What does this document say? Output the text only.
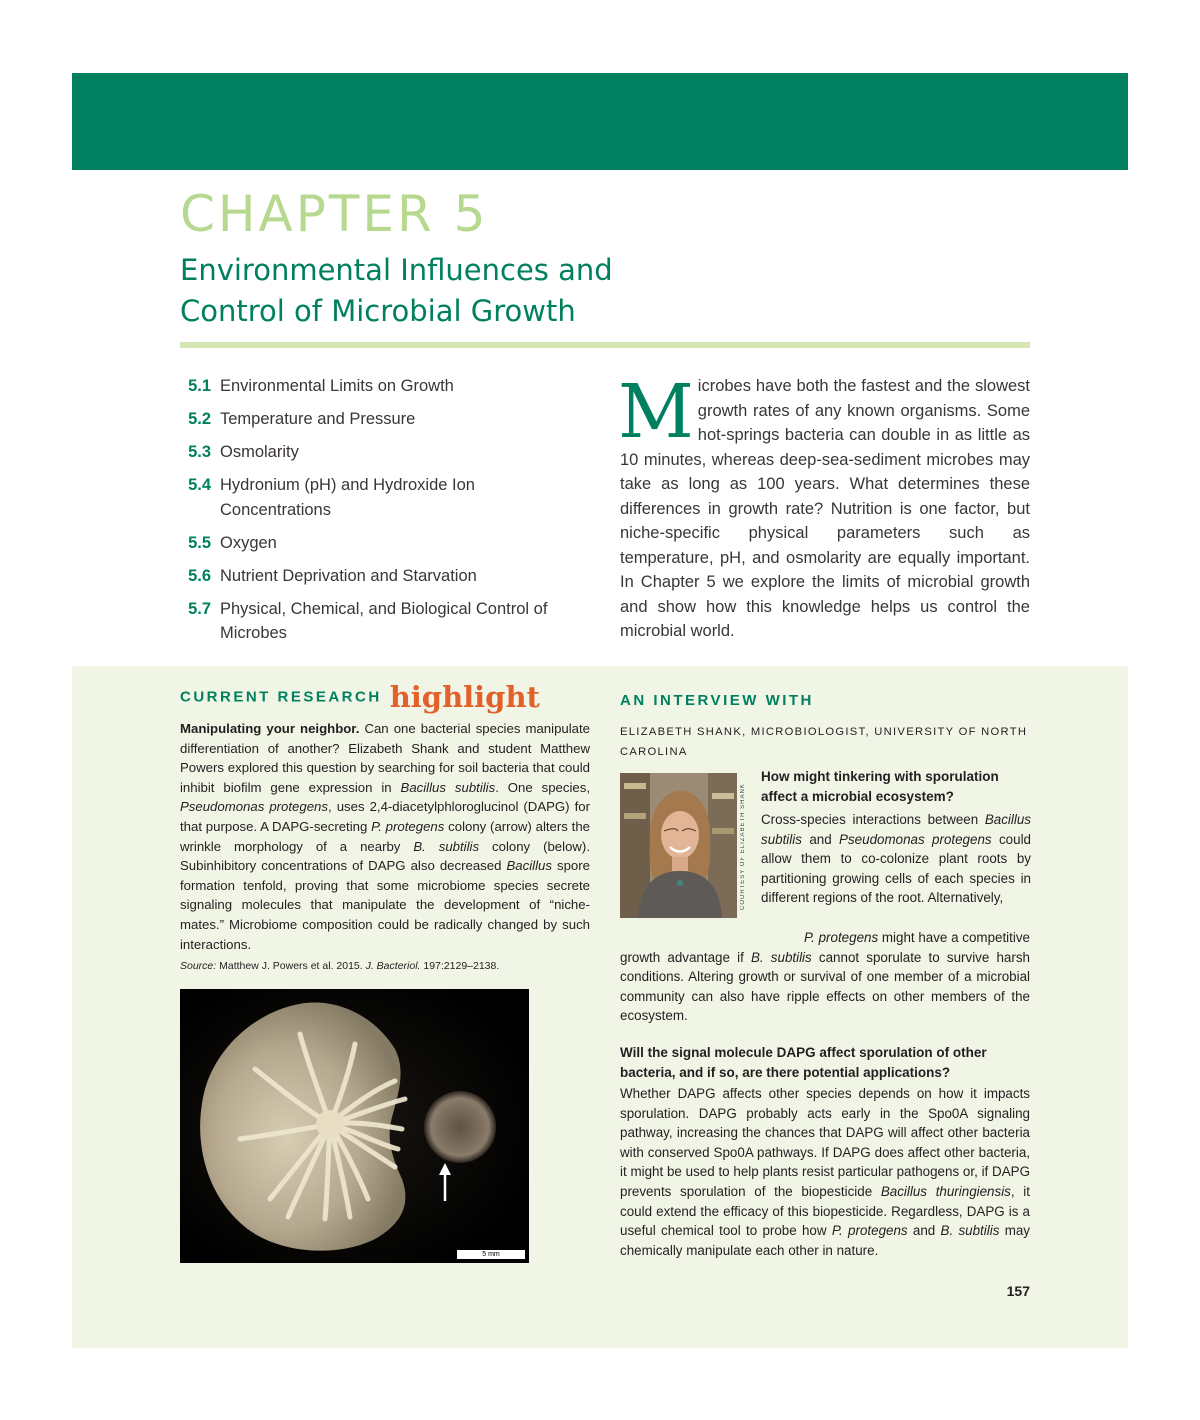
CHAPTER 5
Environmental Influences and
Control of Microbial Growth
5.1 Environmental Limits on Growth
5.2 Temperature and Pressure
5.3 Osmolarity
5.4 Hydronium (pH) and Hydroxide Ion Concentrations
5.5 Oxygen
5.6 Nutrient Deprivation and Starvation
5.7 Physical, Chemical, and Biological Control of Microbes
Microbes have both the fastest and the slowest growth rates of any known organisms. Some hot-springs bacteria can double in as little as 10 minutes, whereas deep-sea-sediment microbes may take as long as 100 years. What determines these differences in growth rate? Nutrition is one factor, but niche-specific physical parameters such as temperature, pH, and osmolarity are equally important. In Chapter 5 we explore the limits of microbial growth and show how this knowledge helps us control the microbial world.
CURRENT RESEARCH highlight

Manipulating your neighbor. Can one bacterial species manipulate differentiation of another? Elizabeth Shank and student Matthew Powers explored this question by searching for soil bacteria that could inhibit biofilm gene expression in Bacillus subtilis. One species, Pseudomonas protegens, uses 2,4-diacetylphloroglucinol (DAPG) for that purpose. A DAPG-secreting P. protegens colony (arrow) alters the wrinkle morphology of a nearby B. subtilis colony (below). Subinhibitory concentrations of DAPG also decreased Bacillus spore formation tenfold, proving that some microbiome species secrete signaling molecules that manipulate the development of “niche-mates.” Microbiome composition could be radically changed by such interactions.

Source: Matthew J. Powers et al. 2015. J. Bacteriol. 197:2129–2138.
5 mm
AN INTERVIEW WITH
ELIZABETH SHANK, MICROBIOLOGIST, UNIVERSITY OF NORTH CAROLINA
COURTESY OF ELIZABETH SHANK
How might tinkering with sporulation affect a microbial ecosystem?

Cross-species interactions between Bacillus subtilis and Pseudomonas protegens could allow them to co-colonize plant roots by partitioning growing cells of each species in different regions of the root. Alternatively,

P. protegens might have a competitive
growth advantage if B. subtilis cannot sporulate to survive harsh conditions. Altering growth or survival of one member of a microbial community can also have ripple effects on other members of the ecosystem.

Will the signal molecule DAPG affect sporulation of other bacteria, and if so, are there potential applications?

Whether DAPG affects other species depends on how it impacts sporulation. DAPG probably acts early in the Spo0A signaling pathway, increasing the chances that DAPG will affect other bacteria with conserved Spo0A pathways. If DAPG does affect other bacteria, it might be used to help plants resist particular pathogens or, if DAPG prevents sporulation of the biopesticide Bacillus thuringiensis, it could extend the efficacy of this biopesticide. Regardless, DAPG is a useful chemical tool to probe how P. protegens and B. subtilis may chemically manipulate each other in nature.

157
